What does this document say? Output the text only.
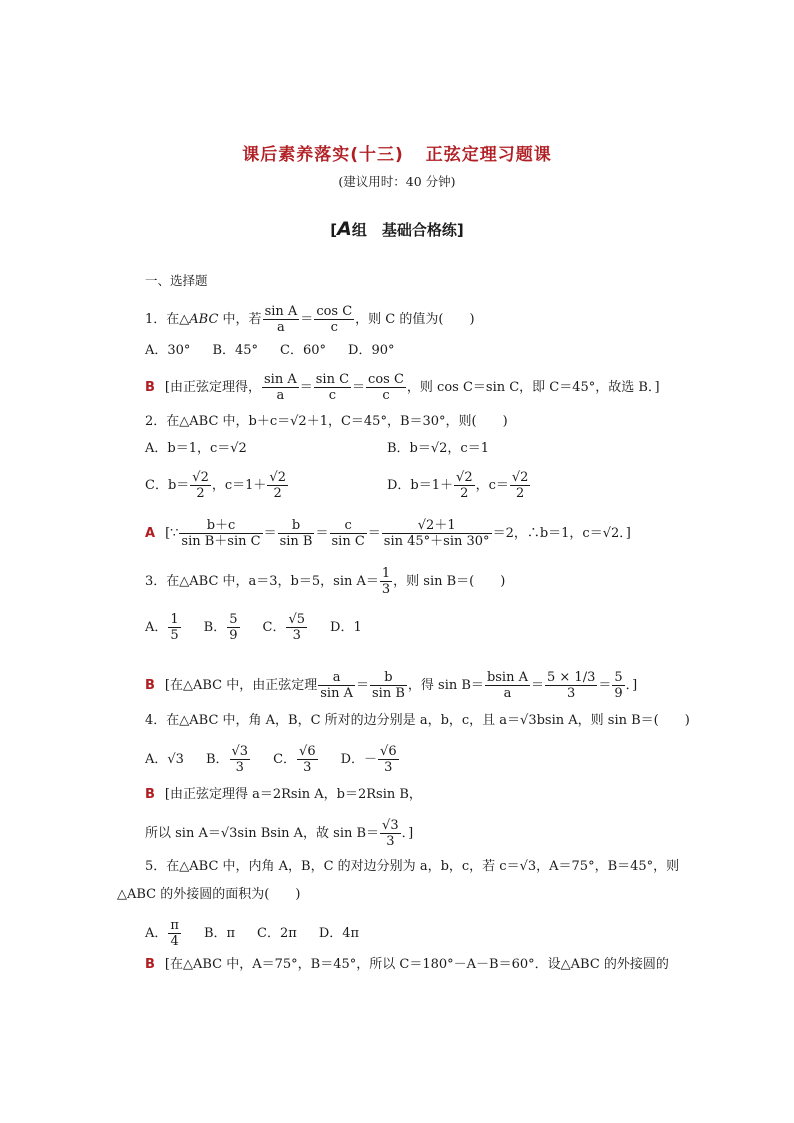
课后素养落实(十三) 正弦定理习题课
(建议用时：40 分钟)
[A组　基础合格练]
一、选择题
1．在△ABC 中，若 $\frac{\text{sin A}}{a} = \frac{\text{cos C}}{c}$ ，则 C 的值为(　　)
A．30° B．45° C．60° D．90°
B [由正弦定理得， $\frac{\text{sin A}}{a} = \frac{\text{sin C}}{c} = \frac{\text{cos C}}{c}$ ，则 cos C＝sin C，即 C＝45°，故选 B．]
2．在△ABC 中，b＋c＝√2＋1，C＝45°，B＝30°，则(　　)
A．b＝1，c＝√2	B．b＝√2，c＝1
C．$b= \frac{√2}{2}$ ，$c=1+ \frac{√2}{2}$	D．$b=1+ \frac{√2}{2}$ ，$c= \frac{√2}{2}$
A [∵ $\frac{b+c}{\text{sin B＋sin C}} = \frac{b}{\text{sin B}} = \frac{c}{\text{sin C}} = \frac{√2+1}{\sin 45^\circ+\sin 30^\circ} =2$，∴b＝1，c＝√2．]
3．在△ABC 中，a＝3，b＝5，$\sin A= \frac{1}{3}$ ，则 sin B＝(　　)
A． $\frac{1}{5}$ B． $\frac{5}{9}$ C． $\frac{√5}{3}$ D．1
B [在△ABC 中，由正弦定理 $\frac{a}{\text{sin A}} = \frac{b}{\text{sin B}}$ ，得 $\sin B= \frac{\text{bsin A}}{a} = \frac{5 \times 1/3}{3} = \frac{5}{9}$ ．]
4．在△ABC 中，角 A，B，C 所对的边分别是 a，b，c，且 a＝√3bsin A，则 sin B＝(　　)
A．√3 B． $\frac{√3}{3}$ C． $\frac{√6}{3}$ D．－ $\frac{√6}{3}$
B [由正弦定理得 a＝2Rsin A，b＝2Rsin B，
所以 sin A＝√3sin Bsin A，故 $\sin B= \frac{√3}{3}$ ．]
5．在△ABC 中，内角 A，B，C 的对边分别为 a，b，c，若 c＝√3，A＝75°，B＝45°，则
△ABC 的外接圆的面积为(　　)
A． $\frac{\pi}{4}$ B．π C．2π D．4π
B [在△ABC 中，A＝75°，B＝45°，所以 C＝180°－A－B＝60°．设△ABC 的外接圆的
